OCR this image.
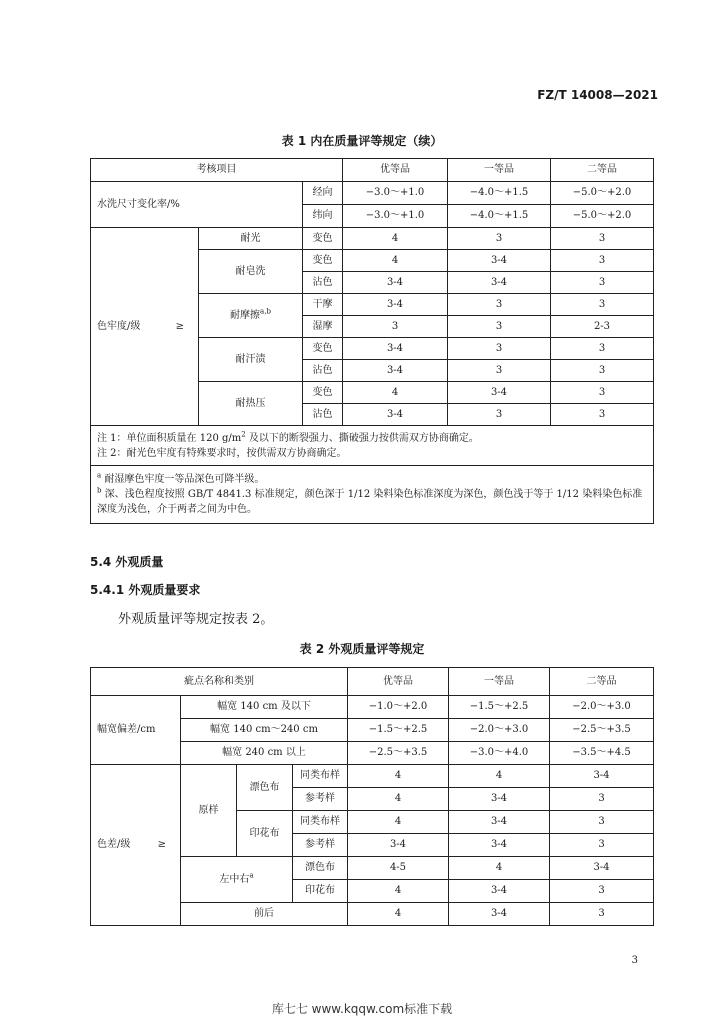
FZ/T 14008—2021
表 1 内在质量评等规定（续）
考核项目			优等品	一等品	二等品
水洗尺寸变化率/%		经向	−3.0～+1.0	−4.0～+1.5	−5.0～+2.0
		纬向	−3.0～+1.0	−4.0～+1.5	−5.0～+2.0
色牢度/级 ≥	耐光	变色	4	3	3
	耐皂洗	变色	4	3-4	3
		沾色	3-4	3-4	3
	耐摩擦$^{a,b}$	干摩	3-4	3	3
		湿摩	3	3	2-3
	耐汗渍	变色	3-4	3	3
		沾色	3-4	3	3
	耐热压	变色	4	3-4	3
		沾色	3-4	3	3

注 1：单位面积质量在 120 $g/m^2$ 及以下的断裂强力、撕破强力按供需双方协商确定。
注 2：耐光色牢度有特殊要求时，按供需双方协商确定。					

$^a$ 耐湿摩色牢度一等品深色可降半级。
$^b$ 深、浅色程度按照 GB/T 4841.3 标准规定，颜色深于 1/12 染料染色标准深度为深色，颜色浅于等于 1/12 染料染色标准深度为浅色，介于两者之间为中色。					
5.4 外观质量
5.4.1 外观质量要求
外观质量评等规定按表 2。
表 2 外观质量评等规定
疵点名称和类别				优等品	一等品	二等品
幅宽偏差/cm	幅宽 140 cm 及以下			−1.0～+2.0	−1.5～+2.5	−2.0～+3.0
	幅宽 140 cm～240 cm			−1.5～+2.5	−2.0～+3.0	−2.5～+3.5
	幅宽 240 cm 以上			−2.5～+3.5	−3.0～+4.0	−3.5～+4.5
色差/级 ≥	原样	漂色布	同类布样	4	4	3-4
			参考样	4	3-4	3
		印花布	同类布样	4	3-4	3
			参考样	3-4	3-4	3
	左中右$^a$		漂色布	4-5	4	3-4
			印花布	4	3-4	3
	前后			4	3-4	3
3
库七七 www.kqqw.com标准下载
